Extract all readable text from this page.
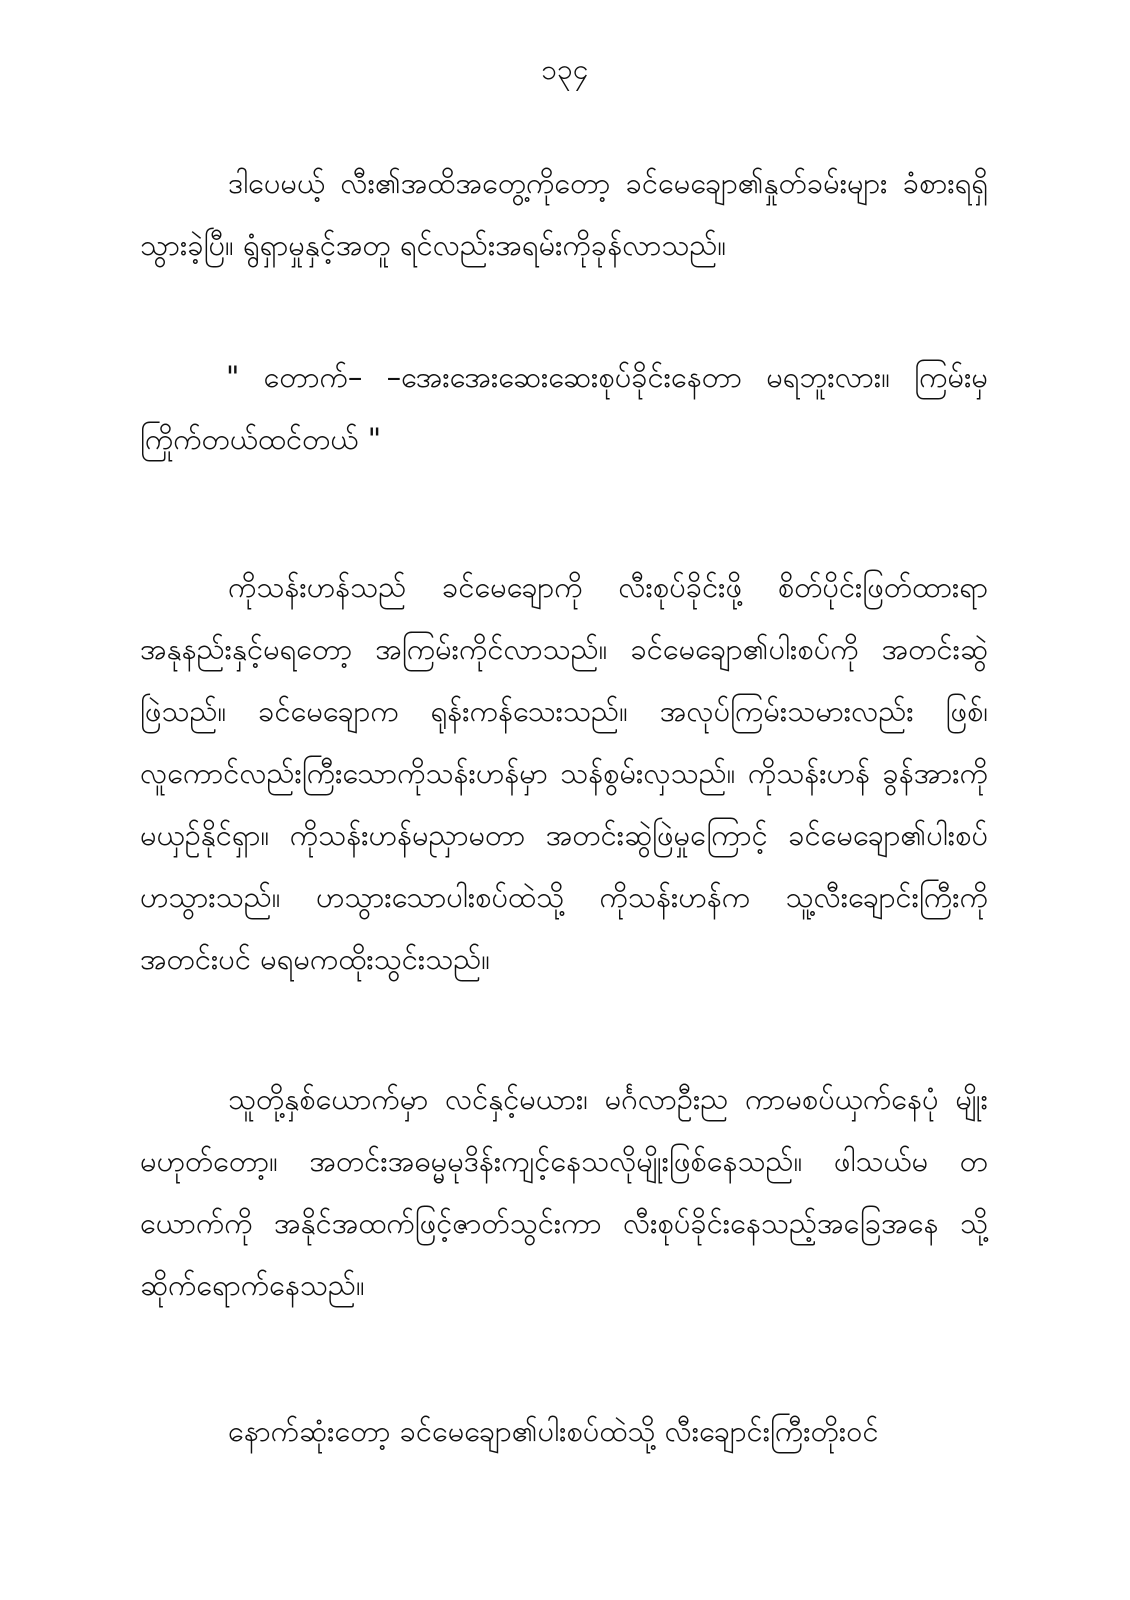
၁၃၄

ဒါပေမယ့် လီး၏အထိအတွေ့ကိုတော့ ခင်မေချော၏နှုတ်ခမ်းများ ခံစားရရှိသွားခဲ့ပြီ။ ရွံရှာမှုနှင့်အတူ ရင်လည်းအရမ်းကိုခုန်လာသည်။

" တောက်– –အေးအေးဆေးဆေးစုပ်ခိုင်းနေတာ မရဘူးလား။ ကြမ်းမှကြိုက်တယ်ထင်တယ် "

ကိုသန်းဟန်သည် ခင်မေချောကို လီးစုပ်ခိုင်းဖို့ စိတ်ပိုင်းဖြတ်ထားရာ အနုနည်းနှင့်မရတော့ အကြမ်းကိုင်လာသည်။ ခင်မေချော၏ပါးစပ်ကို အတင်းဆွဲဖြဲသည်။ ခင်မေချောက ရုန်းကန်သေးသည်။ အလုပ်ကြမ်းသမားလည်း ဖြစ်၊ လူကောင်လည်းကြီးသောကိုသန်းဟန်မှာ သန်စွမ်းလှသည်။ ကိုသန်းဟန် ခွန်အားကို မယှဉ်နိုင်ရှာ။ ကိုသန်းဟန်မညှာမတာ အတင်းဆွဲဖြဲမှုကြောင့် ခင်မေချော၏ပါးစပ် ဟသွားသည်။ ဟသွားသောပါးစပ်ထဲသို့ ကိုသန်းဟန်က သူ့လီးချောင်းကြီးကို အတင်းပင် မရမကထိုးသွင်းသည်။

သူတို့နှစ်ယောက်မှာ လင်နှင့်မယား၊ မင်္ဂလာဦးည ကာမစပ်ယှက်နေပုံ မျိုးမဟုတ်တော့။ အတင်းအဓမ္မမုဒိန်းကျင့်နေသလိုမျိုးဖြစ်နေသည်။ ဖါသယ်မ တယောက်ကို အနိုင်အထက်ဖြင့်ဇာတ်သွင်းကာ လီးစုပ်ခိုင်းနေသည့်အခြေအနေ သို့ဆိုက်ရောက်နေသည်။

နောက်ဆုံးတော့ ခင်မေချော၏ပါးစပ်ထဲသို့ လီးချောင်းကြီးတိုးဝင်
